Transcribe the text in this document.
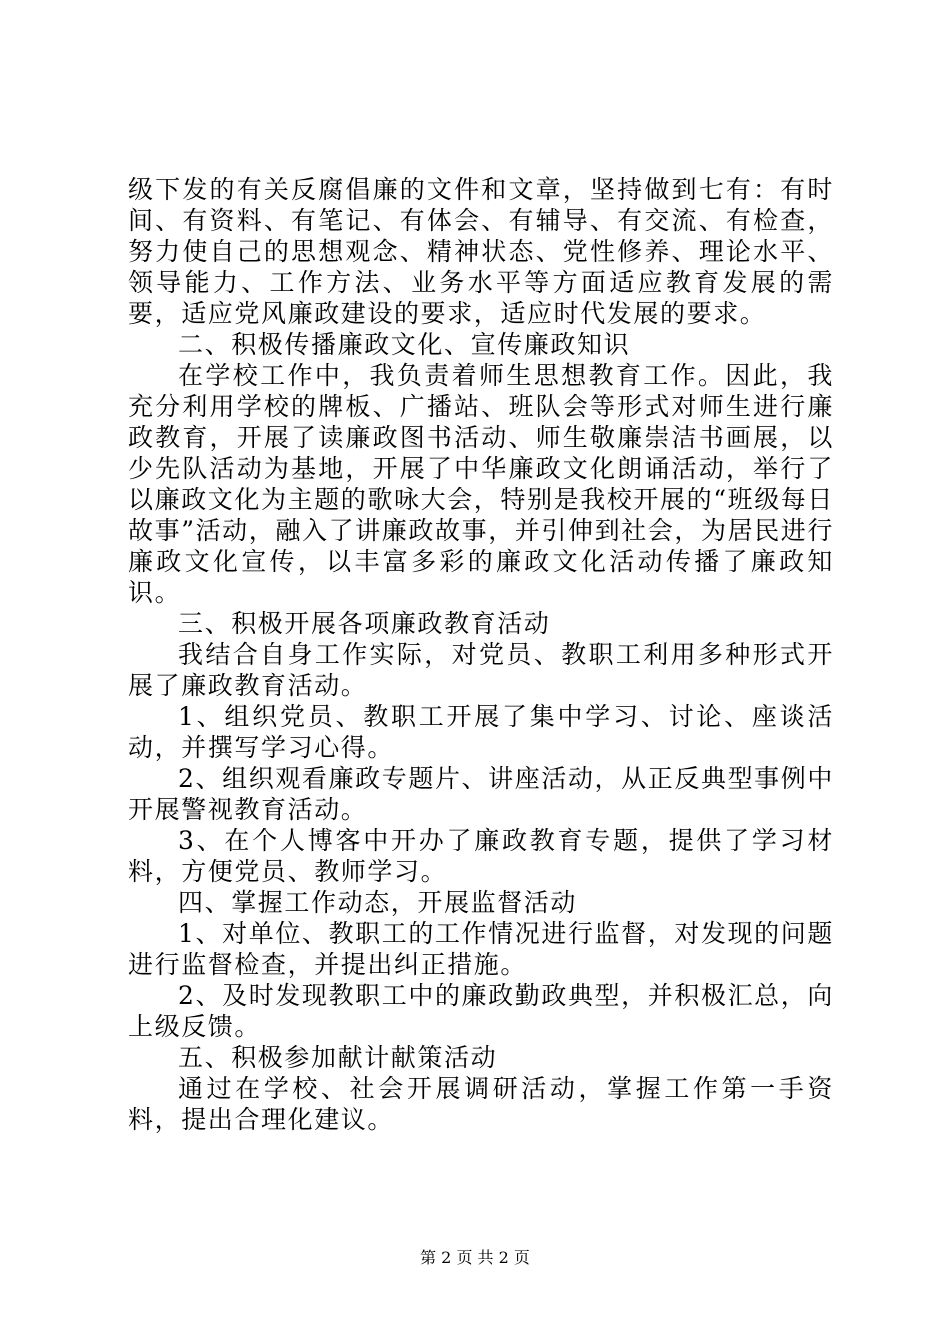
级下发的有关反腐倡廉的文件和文章，坚持做到七有：有时间、有资料、有笔记、有体会、有辅导、有交流、有检查，努力使自己的思想观念、精神状态、党性修养、理论水平、领导能力、工作方法、业务水平等方面适应教育发展的需要，适应党风廉政建设的要求，适应时代发展的要求。

二、积极传播廉政文化、宣传廉政知识

在学校工作中，我负责着师生思想教育工作。因此，我充分利用学校的牌板、广播站、班队会等形式对师生进行廉政教育，开展了读廉政图书活动、师生敬廉崇洁书画展，以少先队活动为基地，开展了中华廉政文化朗诵活动，举行了以廉政文化为主题的歌咏大会，特别是我校开展的“班级每日故事”活动，融入了讲廉政故事，并引伸到社会，为居民进行廉政文化宣传，以丰富多彩的廉政文化活动传播了廉政知识。

三、积极开展各项廉政教育活动

我结合自身工作实际，对党员、教职工利用多种形式开展了廉政教育活动。

1、组织党员、教职工开展了集中学习、讨论、座谈活动，并撰写学习心得。

2、组织观看廉政专题片、讲座活动，从正反典型事例中开展警视教育活动。

3、在个人博客中开办了廉政教育专题，提供了学习材料，方便党员、教师学习。

四、掌握工作动态，开展监督活动

1、对单位、教职工的工作情况进行监督，对发现的问题进行监督检查，并提出纠正措施。

2、及时发现教职工中的廉政勤政典型，并积极汇总，向上级反馈。

五、积极参加献计献策活动

通过在学校、社会开展调研活动，掌握工作第一手资料，提出合理化建议。

第 2 页 共 2 页
